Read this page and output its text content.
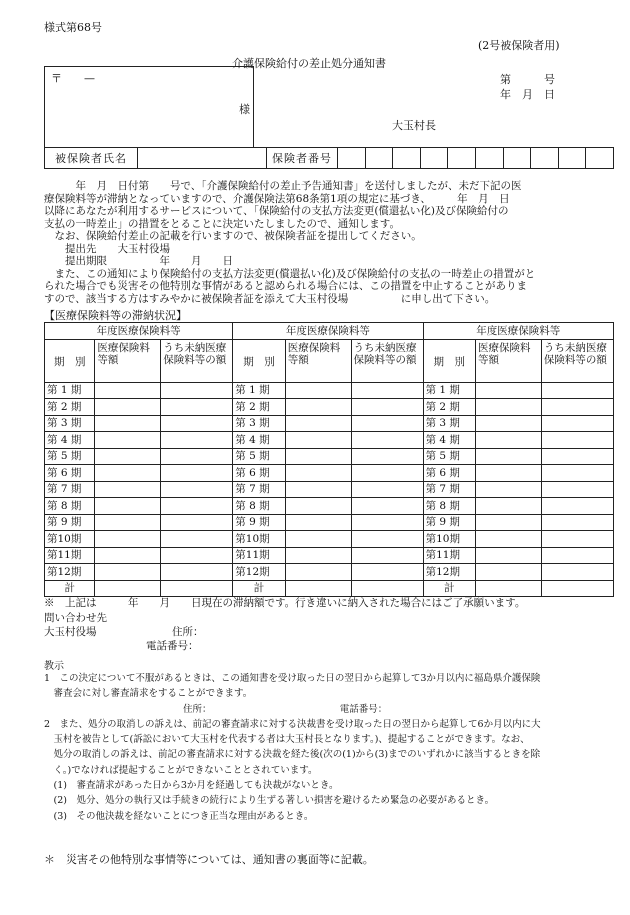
様式第68号
(2号被保険者用)
介護保険給付の差止処分通知書
〒　　—
様
第　　　号
年　月　日
大玉村長
被保険者氏名		保険者番号										
　　　年　月　日付第　　号で、「介護保険給付の差止予告通知書」を送付しましたが、未だ下記の医
療保険料等が滞納となっていますので、介護保険法第68条第1項の規定に基づき、　　　年　月　日
以降にあなたが利用するサービスについて、「保険給付の支払方法変更(償還払い化)及び保険給付の
支払の一時差止」の措置をとることに決定いたしましたので、通知します。
　なお、保険給付差止の記載を行いますので、被保険者証を提出してください。
　　提出先　　大玉村役場
　　提出期限　　　　　年　　月　　日
　また、この通知により保険給付の支払方法変更(償還払い化)及び保険給付の支払の一時差止の措置がと
られた場合でも災害その他特別な事情があると認められる場合には、この措置を中止することがありま
すので、該当する方はすみやかに被保険者証を添えて大玉村役場　　　　　に申し出て下さい。
【医療保険料等の滞納状況】
年度医療保険料等			年度医療保険料等			年度医療保険料等		
期　別	医療保険料等額	うち未納医療保険料等の額	期　別	医療保険料等額	うち未納医療保険料等の額	期　別	医療保険料等額	うち未納医療保険料等の額
第 1 期			第 1 期			第 1 期		
第 2 期			第 2 期			第 2 期		
第 3 期			第 3 期			第 3 期		
第 4 期			第 4 期			第 4 期		
第 5 期			第 5 期			第 5 期		
第 6 期			第 6 期			第 6 期		
第 7 期			第 7 期			第 7 期		
第 8 期			第 8 期			第 8 期		
第 9 期			第 9 期			第 9 期		
第10期			第10期			第10期		
第11期			第11期			第11期		
第12期			第12期			第12期		
計			計			計		
※　上記は　　　年　　月　　日現在の滞納額です。行き違いに納入された場合にはご了承願います。
問い合わせ先
大玉村役場	住所：
電話番号：
教示
1　この決定について不服があるときは、この通知書を受け取った日の翌日から起算して3か月以内に福島県介護保険
　審査会に対し審査請求をすることができます。
　　住所：　　　　　　　　　　　　　　電話番号：
2　また、処分の取消しの訴えは、前記の審査請求に対する決裁書を受け取った日の翌日から起算して6か月以内に大
　玉村を被告として(訴訟において大玉村を代表する者は大玉村長となります。)、提起することができます。なお、
　処分の取消しの訴えは、前記の審査請求に対する決裁を経た後(次の(1)から(3)までのいずれかに該当するときを除
　く。)でなければ提起することができないこととされています。
　(1)　審査請求があった日から3か月を経過しても決裁がないとき。
　(2)　処分、処分の執行又は手続きの続行により生ずる著しい損害を避けるため緊急の必要があるとき。
　(3)　その他決裁を経ないことにつき正当な理由があるとき。
＊　災害その他特別な事情等については、通知書の裏面等に記載。
